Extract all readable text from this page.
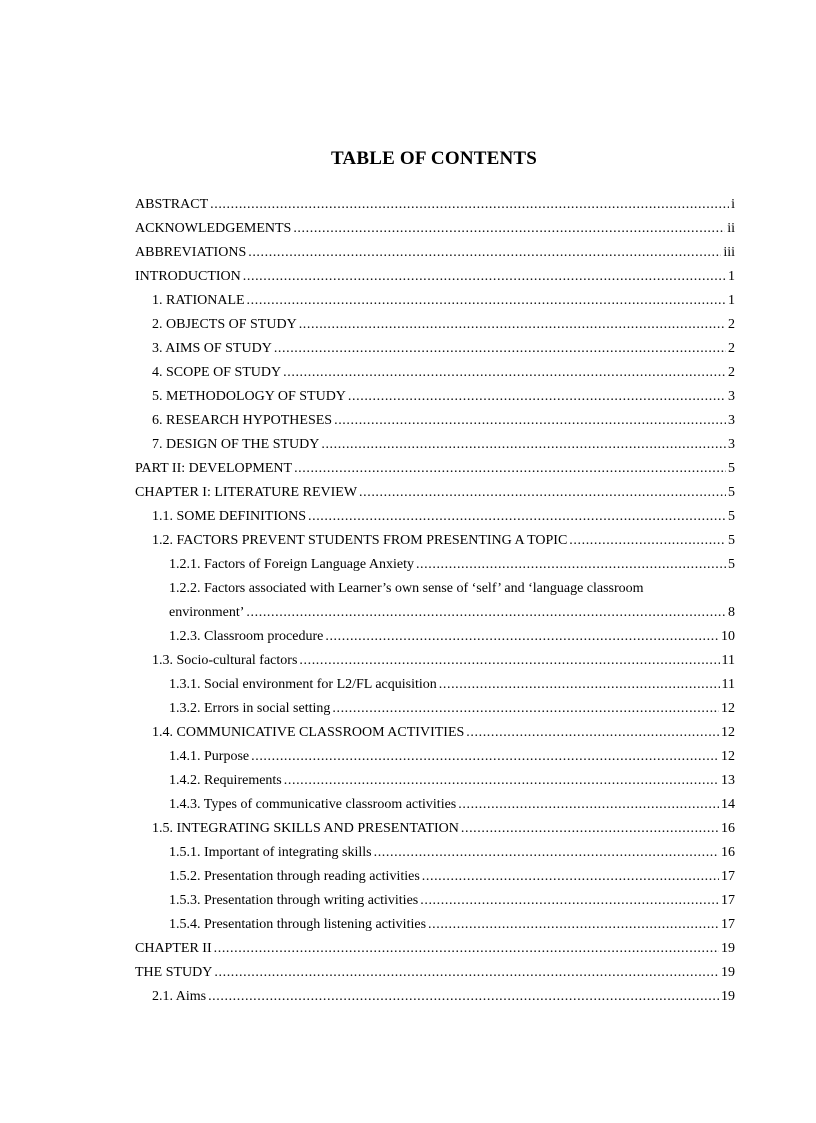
TABLE OF CONTENTS
ABSTRACT .....	i
ACKNOWLEDGEMENTS .....	ii
ABBREVIATIONS .....	iii
INTRODUCTION .....	1
1. RATIONALE .....	1
2. OBJECTS OF STUDY .....	2
3. AIMS OF STUDY .....	2
4. SCOPE OF STUDY .....	2
5. METHODOLOGY OF STUDY .....	3
6. RESEARCH HYPOTHESES .....	3
7. DESIGN OF THE STUDY .....	3
PART II: DEVELOPMENT .....	5
CHAPTER I: LITERATURE REVIEW .....	5
1.1. SOME DEFINITIONS .....	5
1.2. FACTORS PREVENT STUDENTS FROM PRESENTING A TOPIC .....	5
1.2.1. Factors of Foreign Language Anxiety .....	5
1.2.2. Factors associated with Learner’s own sense of ‘self’ and ‘language classroom
environment’ .....	8
1.2.3. Classroom procedure .....	10
1.3. Socio-cultural factors .....	11
1.3.1. Social environment for L2/FL acquisition .....	11
1.3.2. Errors in social setting .....	12
1.4. COMMUNICATIVE CLASSROOM ACTIVITIES .....	12
1.4.1. Purpose .....	12
1.4.2. Requirements .....	13
1.4.3. Types of communicative classroom activities .....	14
1.5. INTEGRATING SKILLS AND PRESENTATION .....	16
1.5.1. Important of integrating skills .....	16
1.5.2. Presentation through reading activities .....	17
1.5.3. Presentation through writing activities .....	17
1.5.4. Presentation through listening activities .....	17
CHAPTER II .....	19
THE STUDY .....	19
2.1. Aims .....	19
